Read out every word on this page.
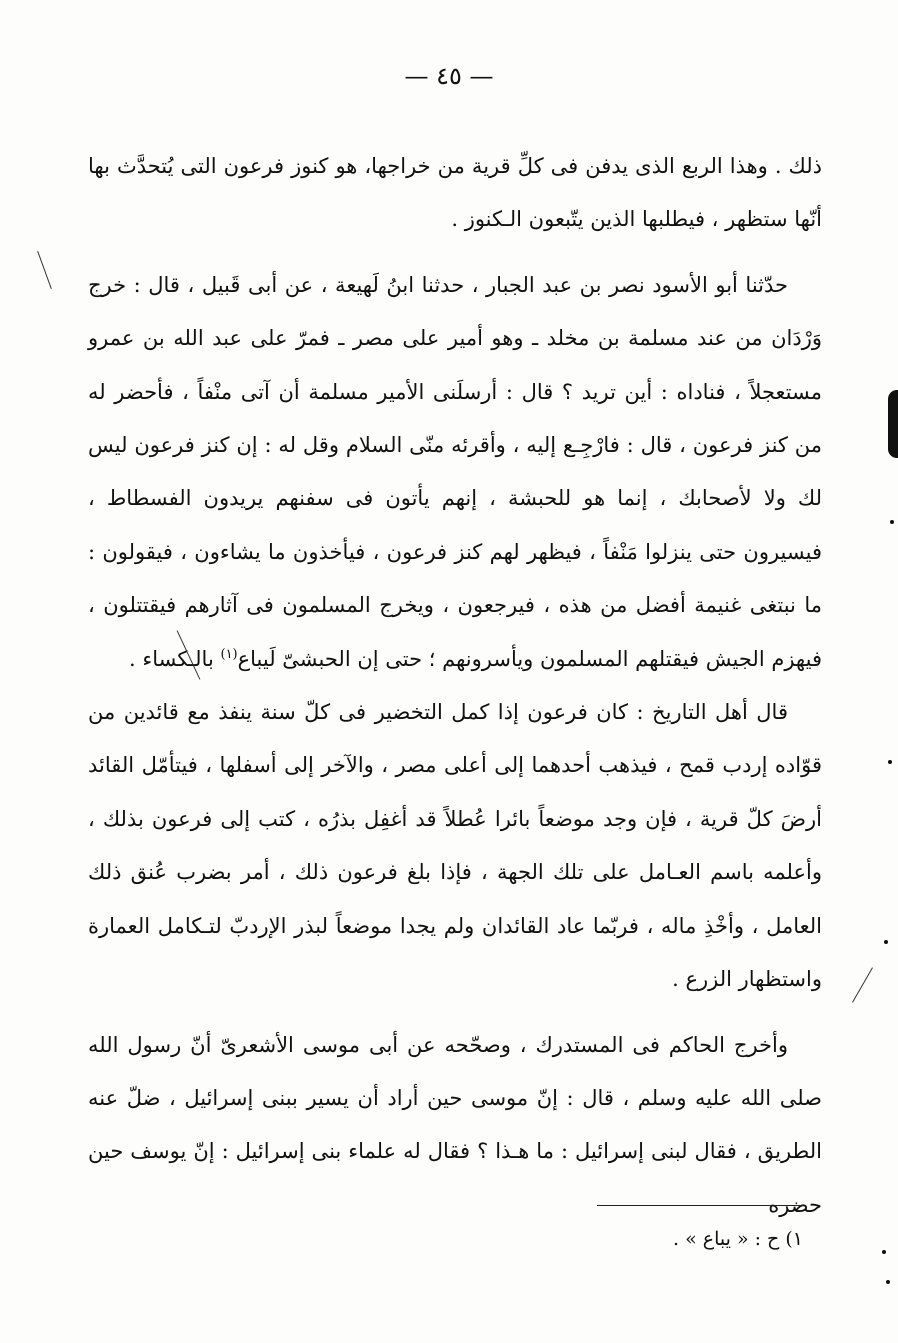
— ٤٥ —

ذلك . وهذا الربع الذى يدفن فى كلِّ قرية من خراجها، هو كنوز فرعون التى يُتحدَّث بها أنّها ستظهر ، فيطلبها الذين يتّبعون الـكنوز .

حدّثنا أبو الأسود نصر بن عبد الجبار ، حدثنا ابنُ لَهيعة ، عن أبى قَبيل ، قال : خرج وَرْدَان من عند مسلمة بن مخلد ـ وهو أمير على مصر ـ فمرّ على عبد الله بن عمرو مستعجلاً ، فناداه : أين تريد ؟ قال : أرسلَنى الأمير مسلمة أن آتى منْفاً ، فأحضر له من كنز فرعون ، قال : فارْجِـع إليه ، وأقرئه منّى السلام وقل له : إن كنز فرعون ليس لك ولا لأصحابك ، إنما هو للحبشة ، إنهم يأتون فى سفنهم يريدون الفسطاط ، فيسيرون حتى ينزلوا مَنْفاً ، فيظهر لهم كنز فرعون ، فيأخذون ما يشاءون ، فيقولون : ما نبتغى غنيمة أفضل من هذه ، فيرجعون ، ويخرج المسلمون فى آثارهم فيقتتلون ، فيهزم الجيش فيقتلهم المسلمون ويأسرونهم ؛ حتى إن الحبشىّ لَيباع$^{(١)}$ بالـكساء .

قال أهل التاريخ : كان فرعون إذا كمل التخضير فى كلّ سنة ينفذ مع قائدين من قوّاده إردب قمح ، فيذهب أحدهما إلى أعلى مصر ، والآخر إلى أسفلها ، فيتأمّل القائد أرضَ كلّ قرية ، فإن وجد موضعاً بائرا عُطلاً قد أغفِل بذرُه ، كتب إلى فرعون بذلك ، وأعلمه باسم العـامل على تلك الجهة ، فإذا بلغ فرعون ذلك ، أمر بضرب عُنق ذلك العامل ، وأخْذِ ماله ، فربّما عاد القائدان ولم يجدا موضعاً لبذر الإردبّ لتـكامل العمارة واستظهار الزرع .

وأخرج الحاكم فى المستدرك ، وصحّحه عن أبى موسى الأشعرىّ أنّ رسول الله صلى الله عليه وسلم ، قال : إنّ موسى حين أراد أن يسير ببنى إسرائيل ، ضلّ عنه الطريق ، فقال لبنى إسرائيل : ما هـذا ؟ فقال له علماء بنى إسرائيل : إنّ يوسف حين حضره

١) ح : « يباع » .
